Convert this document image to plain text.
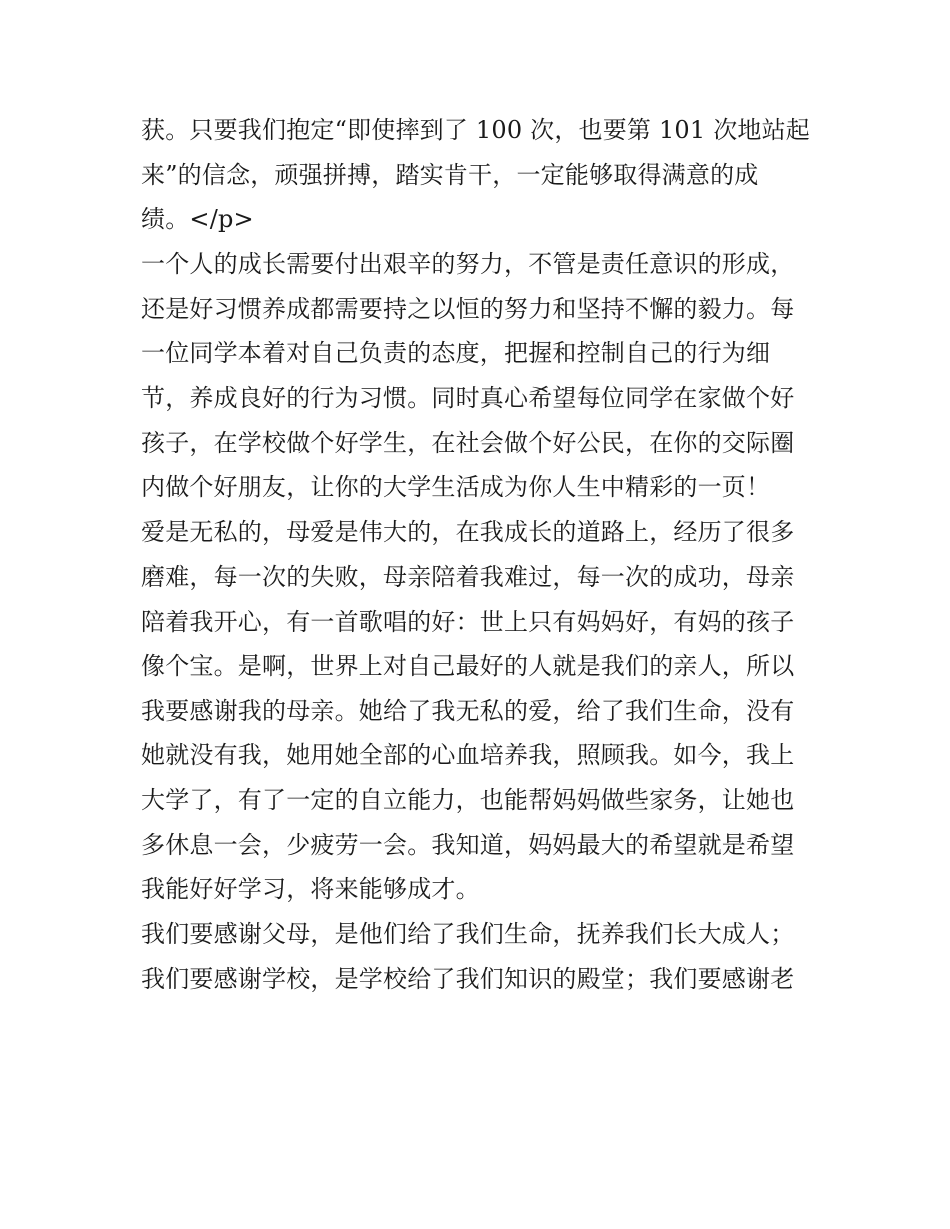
获。只要我们抱定“即使摔到了 100 次，也要第 101 次地站起
来”的信念，顽强拼搏，踏实肯干，一定能够取得满意的成
绩。</p>

一个人的成长需要付出艰辛的努力，不管是责任意识的形成，
还是好习惯养成都需要持之以恒的努力和坚持不懈的毅力。每
一位同学本着对自己负责的态度，把握和控制自己的行为细
节，养成良好的行为习惯。同时真心希望每位同学在家做个好
孩子，在学校做个好学生，在社会做个好公民，在你的交际圈
内做个好朋友，让你的大学生活成为你人生中精彩的一页！

爱是无私的，母爱是伟大的，在我成长的道路上，经历了很多
磨难，每一次的失败，母亲陪着我难过，每一次的成功，母亲
陪着我开心，有一首歌唱的好：世上只有妈妈好，有妈的孩子
像个宝。是啊，世界上对自己最好的人就是我们的亲人，所以
我要感谢我的母亲。她给了我无私的爱，给了我们生命，没有
她就没有我，她用她全部的心血培养我，照顾我。如今，我上
大学了，有了一定的自立能力，也能帮妈妈做些家务，让她也
多休息一会，少疲劳一会。我知道，妈妈最大的希望就是希望
我能好好学习，将来能够成才。

我们要感谢父母，是他们给了我们生命，抚养我们长大成人；
我们要感谢学校，是学校给了我们知识的殿堂；我们要感谢老
